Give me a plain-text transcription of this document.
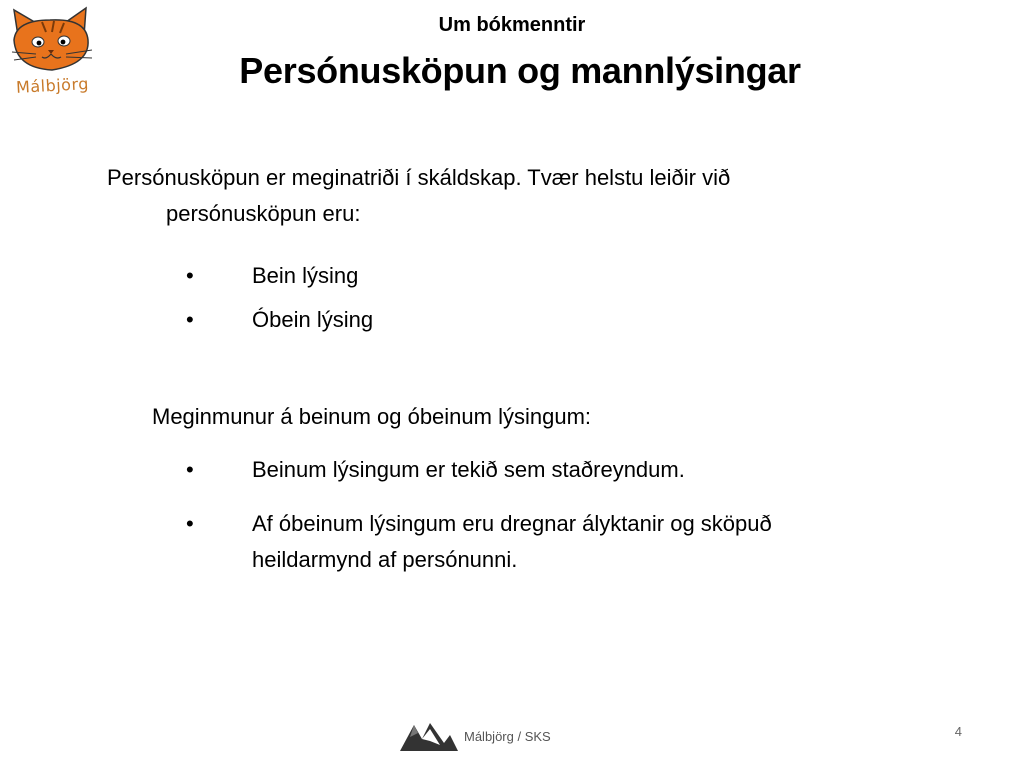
Málbjörg
Um bókmenntir
Persónusköpun og mannlýsingar
Persónusköpun er meginatriði í skáldskap. Tvær helstu leiðir við
persónusköpun eru:
•	Bein lýsing
•	Óbein lýsing
Meginmunur á beinum og óbeinum lýsingum:
•	Beinum lýsingum er tekið sem staðreyndum.
•	Af óbeinum lýsingum eru dregnar ályktanir og sköpuð
heildarmynd af persónunni.
Málbjörg / SKS	4
